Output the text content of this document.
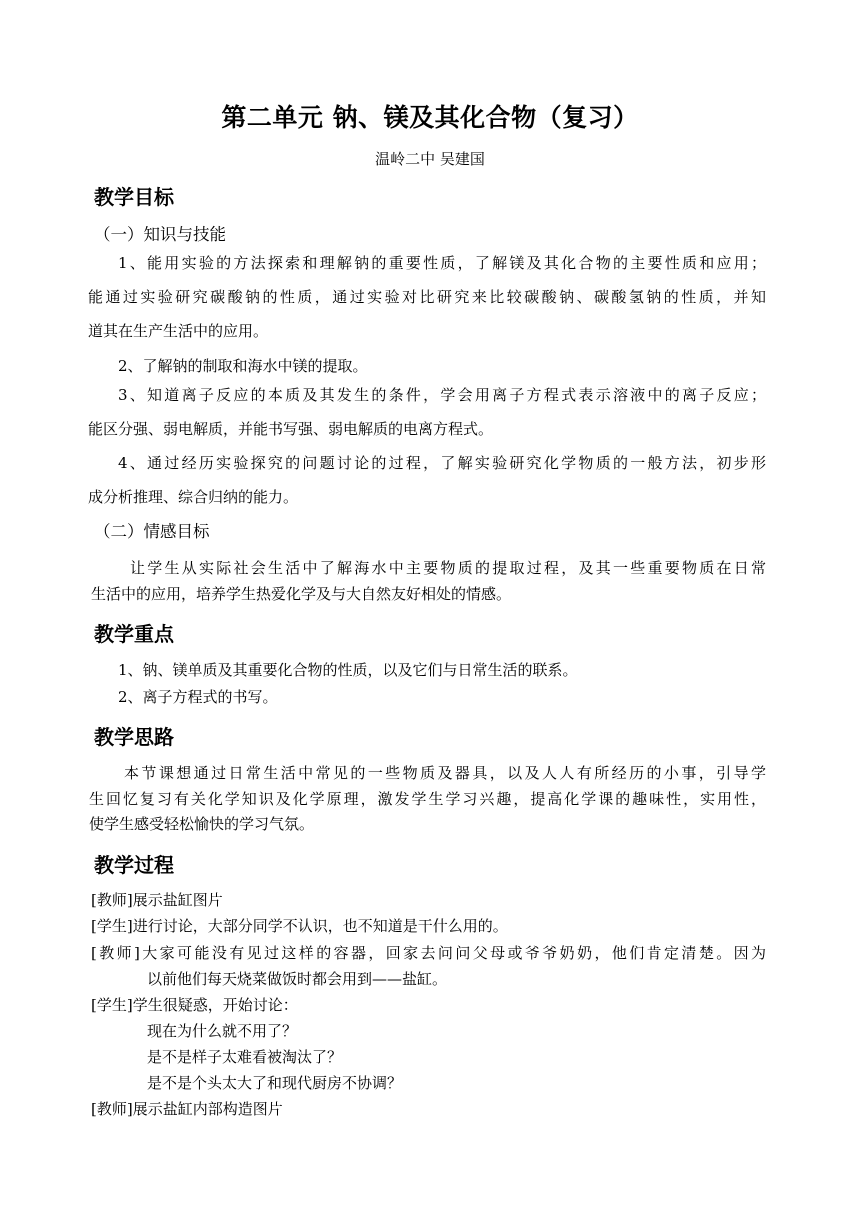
第二单元 钠、镁及其化合物（复习）
温岭二中 吴建国
教学目标
（一）知识与技能
1、能用实验的方法探索和理解钠的重要性质，了解镁及其化合物的主要性质和应用；
能通过实验研究碳酸钠的性质，通过实验对比研究来比较碳酸钠、碳酸氢钠的性质，并知
道其在生产生活中的应用。
2、了解钠的制取和海水中镁的提取。
3、知道离子反应的本质及其发生的条件，学会用离子方程式表示溶液中的离子反应；
能区分强、弱电解质，并能书写强、弱电解质的电离方程式。
4、通过经历实验探究的问题讨论的过程，了解实验研究化学物质的一般方法，初步形
成分析推理、综合归纳的能力。
（二）情感目标
让学生从实际社会生活中了解海水中主要物质的提取过程，及其一些重要物质在日常
生活中的应用，培养学生热爱化学及与大自然友好相处的情感。
教学重点
1、钠、镁单质及其重要化合物的性质，以及它们与日常生活的联系。
2、离子方程式的书写。
教学思路
本节课想通过日常生活中常见的一些物质及器具，以及人人有所经历的小事，引导学
生回忆复习有关化学知识及化学原理，激发学生学习兴趣，提高化学课的趣味性，实用性，
使学生感受轻松愉快的学习气氛。
教学过程
[教师]展示盐缸图片
[学生]进行讨论，大部分同学不认识，也不知道是干什么用的。
[教师]大家可能没有见过这样的容器，回家去问问父母或爷爷奶奶，他们肯定清楚。因为
以前他们每天烧菜做饭时都会用到——盐缸。
[学生]学生很疑惑，开始讨论：
现在为什么就不用了？
是不是样子太难看被淘汰了？
是不是个头太大了和现代厨房不协调？
[教师]展示盐缸内部构造图片
